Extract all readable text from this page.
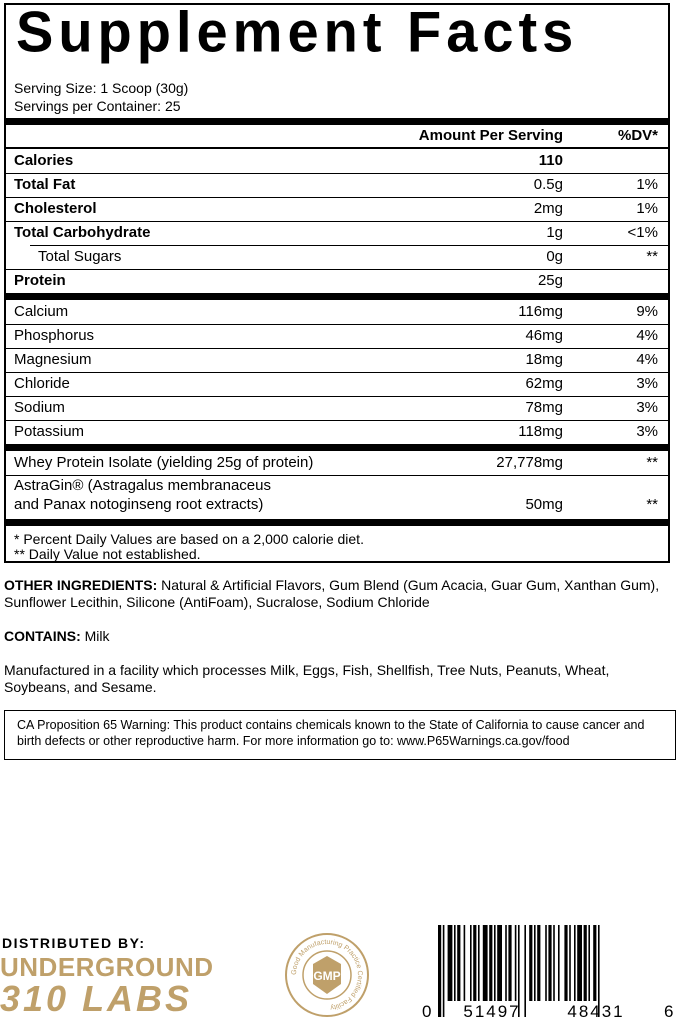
Supplement Facts
Serving Size: 1 Scoop (30g)
Servings per Container: 25
Amount Per Serving	%DV*
Calories	110
Total Fat	0.5g	1%
Cholesterol	2mg	1%
Total Carbohydrate	1g	<1%
Total Sugars	0g	**
Protein	25g
Calcium	116mg	9%
Phosphorus	46mg	4%
Magnesium	18mg	4%
Chloride	62mg	3%
Sodium	78mg	3%
Potassium	118mg	3%
Whey Protein Isolate (yielding 25g of protein)	27,778mg	**
AstraGin® (Astragalus membranaceus
and Panax notoginseng root extracts)	50mg	**
* Percent Daily Values are based on a 2,000 calorie diet.
** Daily Value not established.
OTHER INGREDIENTS: Natural & Artificial Flavors, Gum Blend (Gum Acacia, Guar Gum, Xanthan Gum), Sunflower Lecithin, Silicone (AntiFoam), Sucralose, Sodium Chloride
CONTAINS: Milk
Manufactured in a facility which processes Milk, Eggs, Fish, Shellfish, Tree Nuts, Peanuts, Wheat, Soybeans, and Sesame.
CA Proposition 65 Warning: This product contains chemicals known to the State of California to cause cancer and birth defects or other reproductive harm. For more information go to: www.P65Warnings.ca.gov/food
DISTRIBUTED BY:
UNDERGROUND
310 LABS
Good Manufacturing Practice Certified Facility
GMP
0 51497	48431 6
